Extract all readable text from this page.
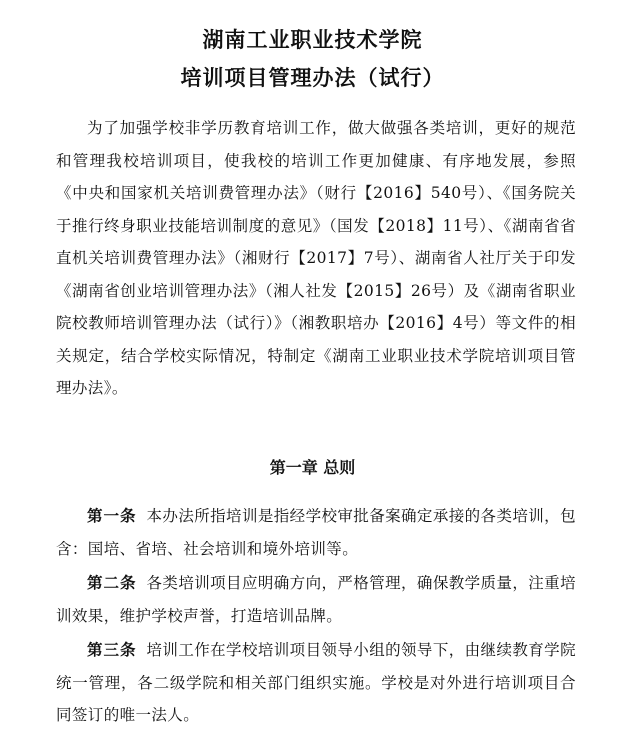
湖南工业职业技术学院
培训项目管理办法（试行）
为了加强学校非学历教育培训工作，做大做强各类培训，更好的规范和管理我校培训项目，使我校的培训工作更加健康、有序地发展，参照《中央和国家机关培训费管理办法》（财行【2016】540号）、《国务院关于推行终身职业技能培训制度的意见》（国发【2018】11号）、《湖南省省直机关培训费管理办法》（湘财行【2017】7号）、湖南省人社厅关于印发《湖南省创业培训管理办法》（湘人社发【2015】26号）及《湖南省职业院校教师培训管理办法（试行）》（湘教职培办【2016】4号）等文件的相关规定，结合学校实际情况，特制定《湖南工业职业技术学院培训项目管理办法》。
第一章 总则
第一条 本办法所指培训是指经学校审批备案确定承接的各类培训，包含：国培、省培、社会培训和境外培训等。
第二条 各类培训项目应明确方向，严格管理，确保教学质量，注重培训效果，维护学校声誉，打造培训品牌。
第三条 培训工作在学校培训项目领导小组的领导下，由继续教育学院统一管理，各二级学院和相关部门组织实施。学校是对外进行培训项目合同签订的唯一法人。
